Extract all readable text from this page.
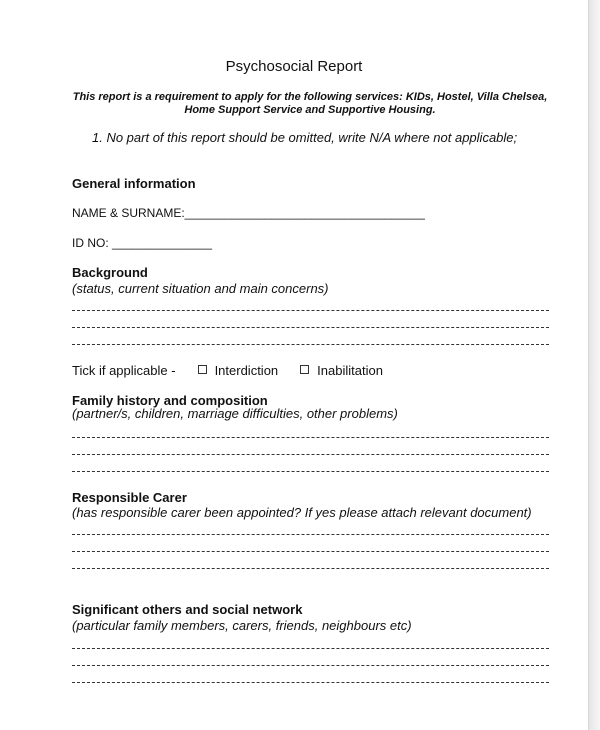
Psychosocial Report
This report is a requirement to apply for the following services: KIDs, Hostel, Villa Chelsea,
Home Support Service and Supportive Housing.
1. No part of this report should be omitted, write N/A where not applicable;
General information
NAME & SURNAME:____________________________________
ID NO: _______________
Background
(status, current situation and main concerns)
Tick if applicable -	Interdiction	Inabilitation
Family history and composition
(partner/s, children, marriage difficulties, other problems)
Responsible Carer
(has responsible carer been appointed? If yes please attach relevant document)
Significant others and social network
(particular family members, carers, friends, neighbours etc)
